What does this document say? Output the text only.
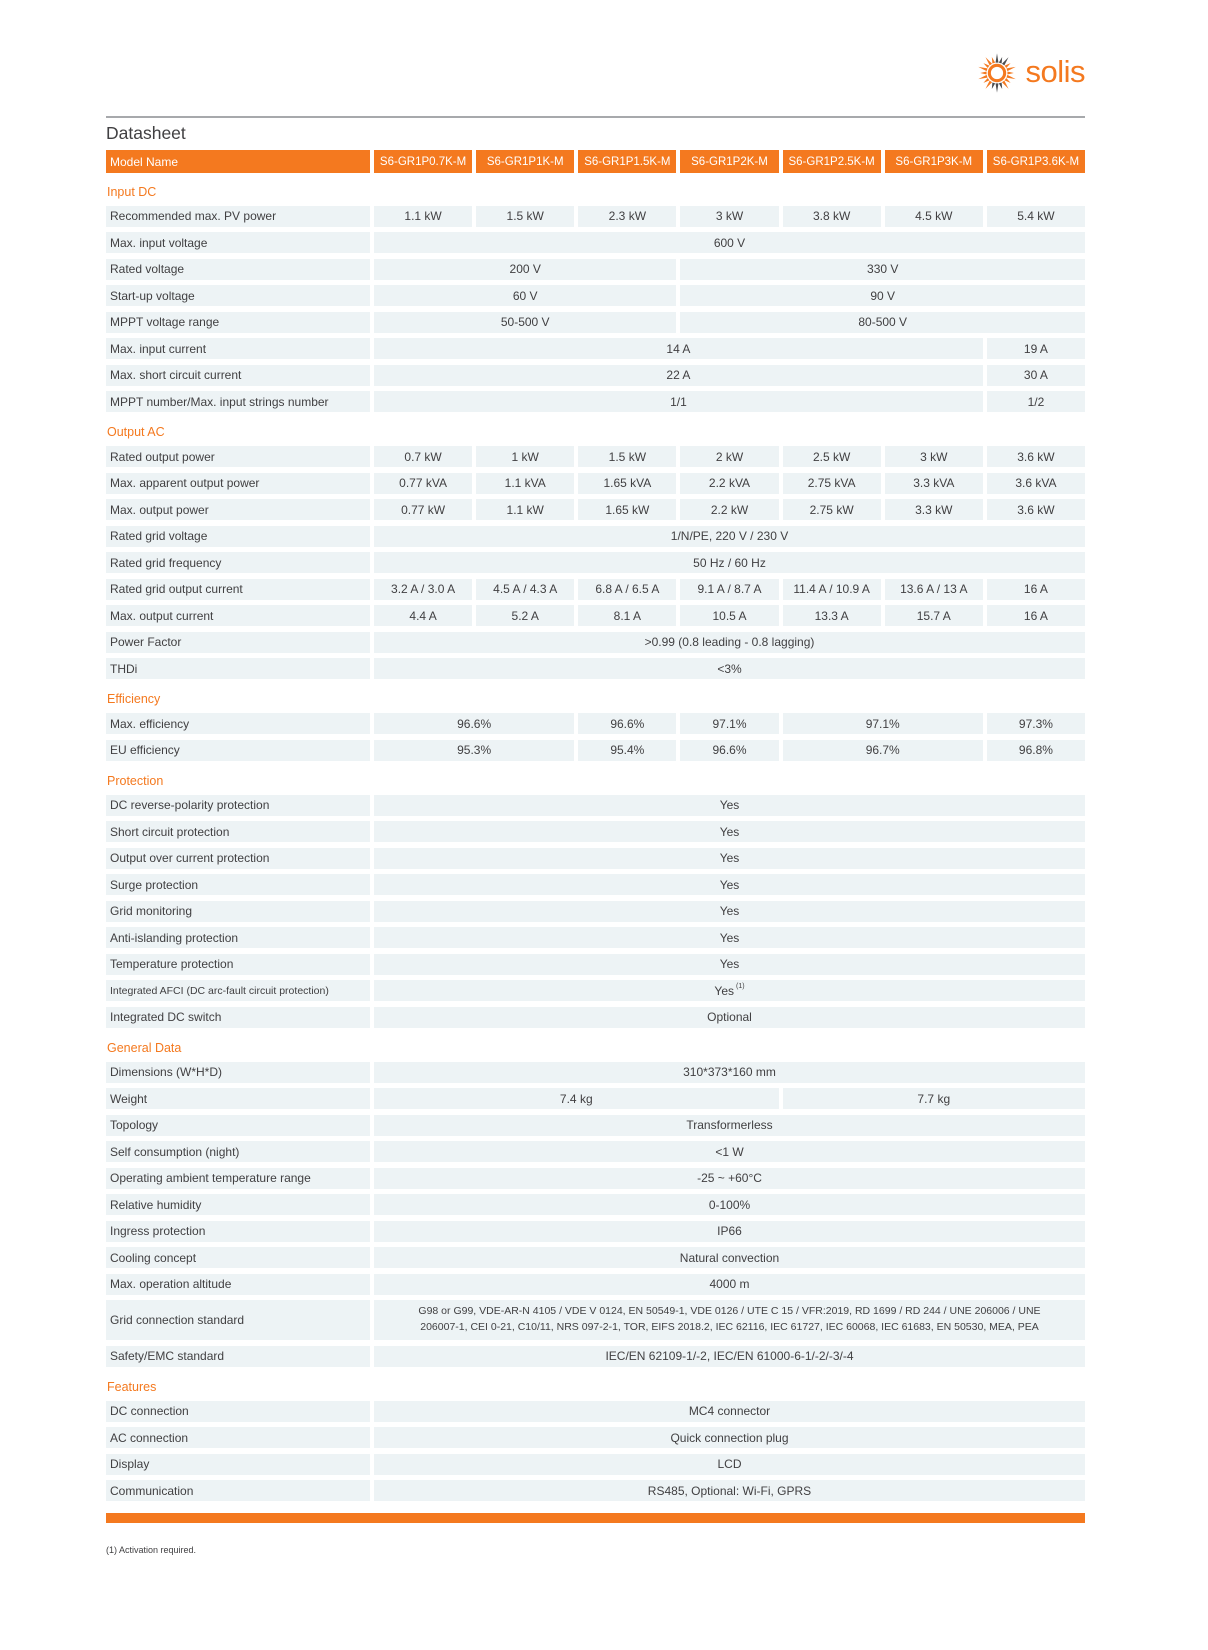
solis
Datasheet
Model Name	S6-GR1P0.7K-M	S6-GR1P1K-M	S6-GR1P1.5K-M	S6-GR1P2K-M	S6-GR1P2.5K-M	S6-GR1P3K-M	S6-GR1P3.6K-M
Input DC
Recommended max. PV power	1.1 kW	1.5 kW	2.3 kW	3 kW	3.8 kW	4.5 kW	5.4 kW
Max. input voltage	600 V
Rated voltage	200 V	330 V
Start-up voltage	60 V	90 V
MPPT voltage range	50-500 V	80-500 V
Max. input current	14 A	19 A
Max. short circuit current	22 A	30 A
MPPT number/Max. input strings number	1/1	1/2
Output AC
Rated output power	0.7 kW	1 kW	1.5 kW	2 kW	2.5 kW	3 kW	3.6 kW
Max. apparent output power	0.77 kVA	1.1 kVA	1.65 kVA	2.2 kVA	2.75 kVA	3.3 kVA	3.6 kVA
Max. output power	0.77 kW	1.1 kW	1.65 kW	2.2 kW	2.75 kW	3.3 kW	3.6 kW
Rated grid voltage	1/N/PE, 220 V / 230 V
Rated grid frequency	50 Hz / 60 Hz
Rated grid output current	3.2 A / 3.0 A	4.5 A / 4.3 A	6.8 A / 6.5 A	9.1 A / 8.7 A	11.4 A / 10.9 A	13.6 A / 13 A	16 A
Max. output current	4.4 A	5.2 A	8.1 A	10.5 A	13.3 A	15.7 A	16 A
Power Factor	>0.99 (0.8 leading - 0.8 lagging)
THDi	<3%
Efficiency
Max. efficiency	96.6%	96.6%	97.1%	97.1%	97.3%
EU efficiency	95.3%	95.4%	96.6%	96.7%	96.8%
Protection
DC reverse-polarity protection	Yes
Short circuit protection	Yes
Output over current protection	Yes
Surge protection	Yes
Grid monitoring	Yes
Anti-islanding protection	Yes
Temperature protection	Yes
Integrated AFCI (DC arc-fault circuit protection)	Yes (1)
Integrated DC switch	Optional
General Data
Dimensions (W*H*D)	310*373*160 mm
Weight	7.4 kg	7.7 kg
Topology	Transformerless
Self consumption (night)	<1 W
Operating ambient temperature range	-25 ~ +60°C
Relative humidity	0-100%
Ingress protection	IP66
Cooling concept	Natural convection
Max. operation altitude	4000 m
Grid connection standard
G98 or G99, VDE-AR-N 4105 / VDE V 0124, EN 50549-1, VDE 0126 / UTE C 15 / VFR:2019, RD 1699 / RD 244 / UNE 206006 / UNE 206007-1, CEI 0-21, C10/11, NRS 097-2-1, TOR, EIFS 2018.2, IEC 62116, IEC 61727, IEC 60068, IEC 61683, EN 50530, MEA, PEA
Safety/EMC standard	IEC/EN 62109-1/-2, IEC/EN 61000-6-1/-2/-3/-4
Features
DC connection	MC4 connector
AC connection	Quick connection plug
Display	LCD
Communication	RS485, Optional: Wi-Fi, GPRS

(1) Activation required.
